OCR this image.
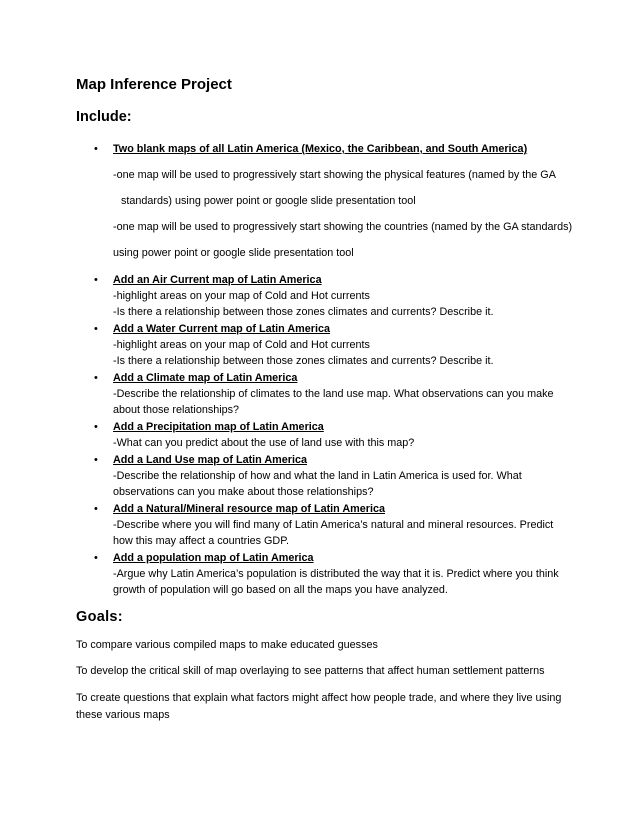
Map Inference Project
Include:
• Two blank maps of all Latin America (Mexico, the Caribbean, and South America)
-one map will be used to progressively start showing the physical features (named by the GA
standards) using power point or google slide presentation tool
-one map will be used to progressively start showing the countries (named by the GA standards)
using power point or google slide presentation tool
• Add an Air Current map of Latin America
-highlight areas on your map of Cold and Hot currents
-Is there a relationship between those zones climates and currents? Describe it.
• Add a Water Current map of Latin America
-highlight areas on your map of Cold and Hot currents
-Is there a relationship between those zones climates and currents? Describe it.
• Add a Climate map of Latin America
-Describe the relationship of climates to the land use map. What observations can you make
about those relationships?
• Add a Precipitation map of Latin America
-What can you predict about the use of land use with this map?
• Add a Land Use map of Latin America
-Describe the relationship of how and what the land in Latin America is used for. What
observations can you make about those relationships?
• Add a Natural/Mineral resource map of Latin America
-Describe where you will find many of Latin America’s natural and mineral resources. Predict
how this may affect a countries GDP.
• Add a population map of Latin America
-Argue why Latin America’s population is distributed the way that it is. Predict where you think
growth of population will go based on all the maps you have analyzed.
Goals:

To compare various compiled maps to make educated guesses

To develop the critical skill of map overlaying to see patterns that affect human settlement patterns

To create questions that explain what factors might affect how people trade, and where they live using

these various maps
